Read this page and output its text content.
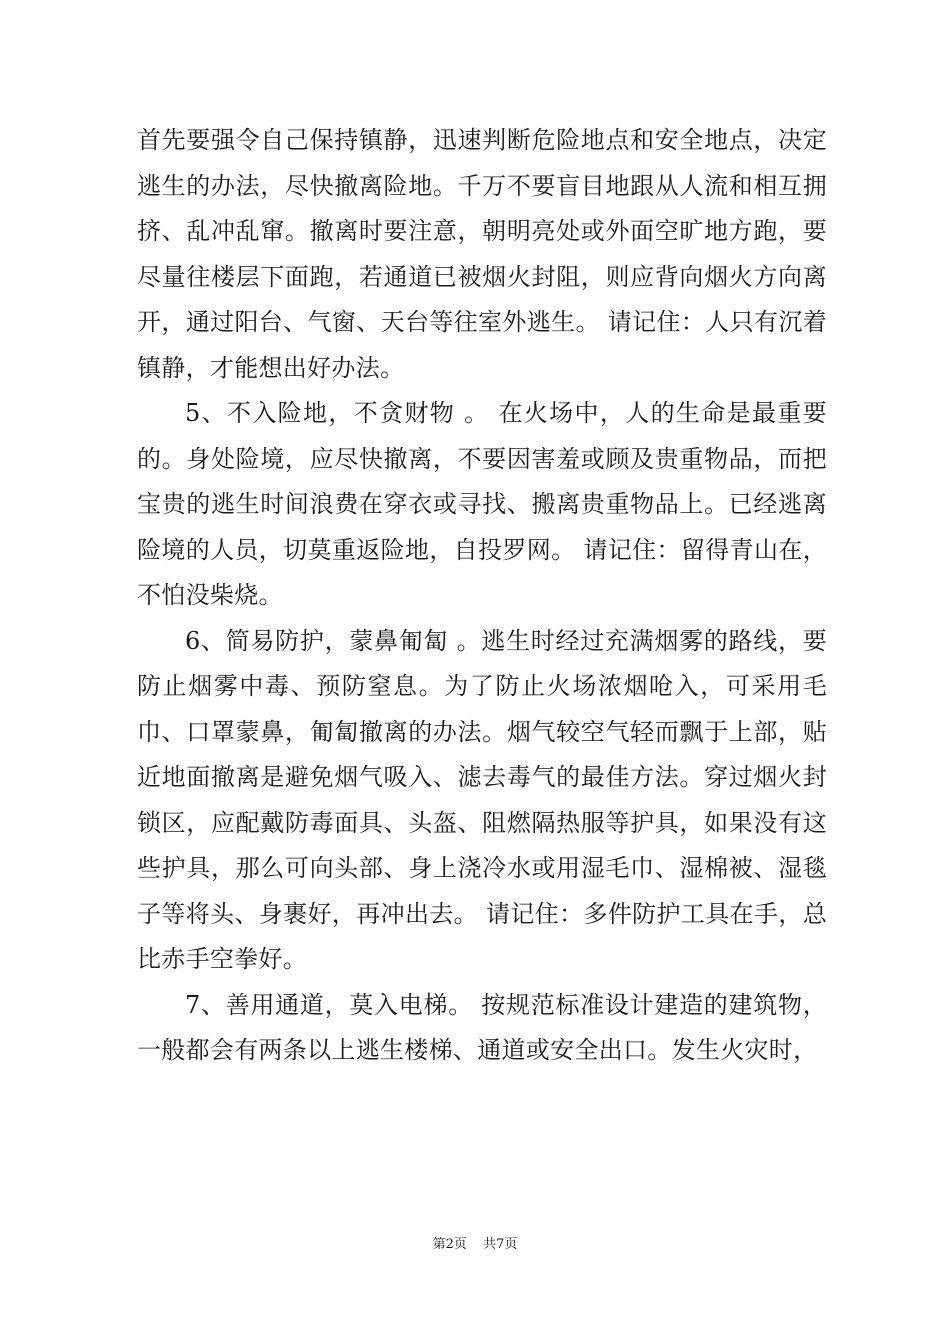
首先要强令自己保持镇静，迅速判断危险地点和安全地点，决定逃生的办法，尽快撤离险地。千万不要盲目地跟从人流和相互拥挤、乱冲乱窜。撤离时要注意，朝明亮处或外面空旷地方跑，要尽量往楼层下面跑，若通道已被烟火封阻，则应背向烟火方向离开，通过阳台、气窗、天台等往室外逃生。 请记住：人只有沉着镇静，才能想出好办法。

5、不入险地，不贪财物 。 在火场中，人的生命是最重要的。身处险境，应尽快撤离，不要因害羞或顾及贵重物品，而把宝贵的逃生时间浪费在穿衣或寻找、搬离贵重物品上。已经逃离险境的人员，切莫重返险地，自投罗网。 请记住：留得青山在，不怕没柴烧。

6、简易防护，蒙鼻匍匐 。逃生时经过充满烟雾的路线，要防止烟雾中毒、预防窒息。为了防止火场浓烟呛入，可采用毛巾、口罩蒙鼻，匍匐撤离的办法。烟气较空气轻而飘于上部，贴近地面撤离是避免烟气吸入、滤去毒气的最佳方法。穿过烟火封锁区，应配戴防毒面具、头盔、阻燃隔热服等护具，如果没有这些护具，那么可向头部、身上浇冷水或用湿毛巾、湿棉被、湿毯子等将头、身裹好，再冲出去。 请记住：多件防护工具在手，总比赤手空拳好。

7、善用通道，莫入电梯。 按规范标准设计建造的建筑物，一般都会有两条以上逃生楼梯、通道或安全出口。发生火灾时，

第2页 共7页
